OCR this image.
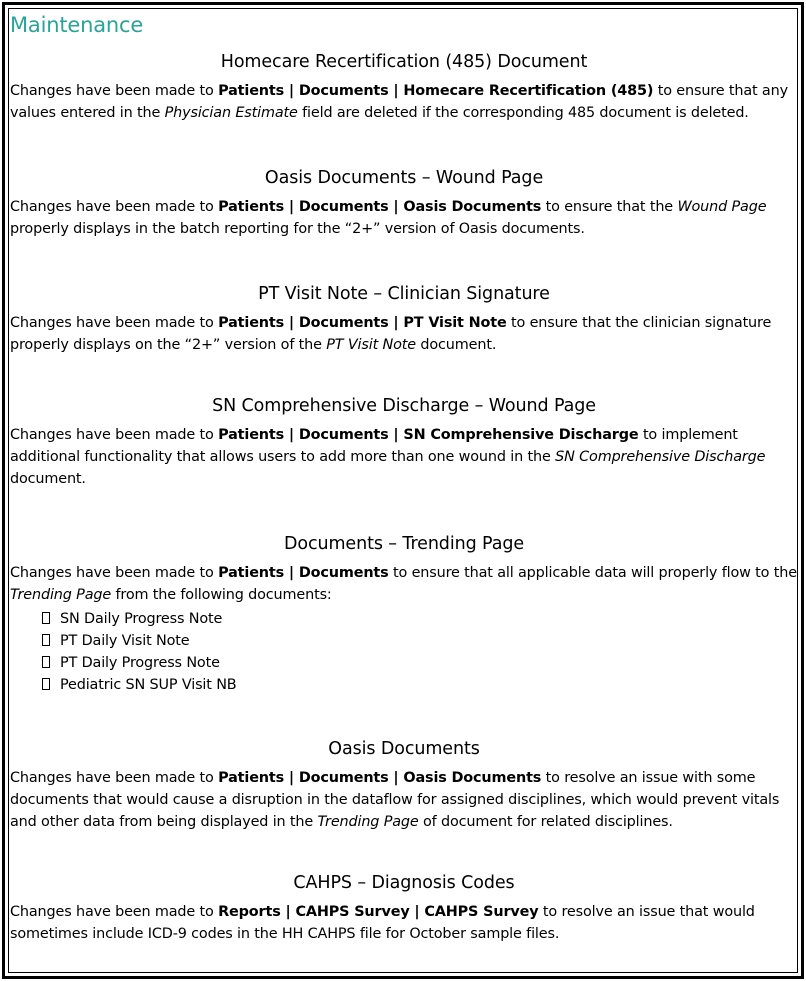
Maintenance
Homecare Recertification (485) Document

Changes have been made to Patients | Documents | Homecare Recertification (485) to ensure that any values entered in the Physician Estimate field are deleted if the corresponding 485 document is deleted.

Oasis Documents – Wound Page

Changes have been made to Patients | Documents | Oasis Documents to ensure that the Wound Page properly displays in the batch reporting for the “2+” version of Oasis documents.

PT Visit Note – Clinician Signature

Changes have been made to Patients | Documents | PT Visit Note to ensure that the clinician signature properly displays on the “2+” version of the PT Visit Note document.

SN Comprehensive Discharge – Wound Page

Changes have been made to Patients | Documents | SN Comprehensive Discharge to implement additional functionality that allows users to add more than one wound in the SN Comprehensive Discharge document.

Documents – Trending Page

Changes have been made to Patients | Documents to ensure that all applicable data will properly flow to the Trending Page from the following documents:

SN Daily Progress Note
PT Daily Visit Note
PT Daily Progress Note
Pediatric SN SUP Visit NB
Oasis Documents

Changes have been made to Patients | Documents | Oasis Documents to resolve an issue with some documents that would cause a disruption in the dataflow for assigned disciplines, which would prevent vitals and other data from being displayed in the Trending Page of document for related disciplines.

CAHPS – Diagnosis Codes

Changes have been made to Reports | CAHPS Survey | CAHPS Survey to resolve an issue that would sometimes include ICD-9 codes in the HH CAHPS file for October sample files.
